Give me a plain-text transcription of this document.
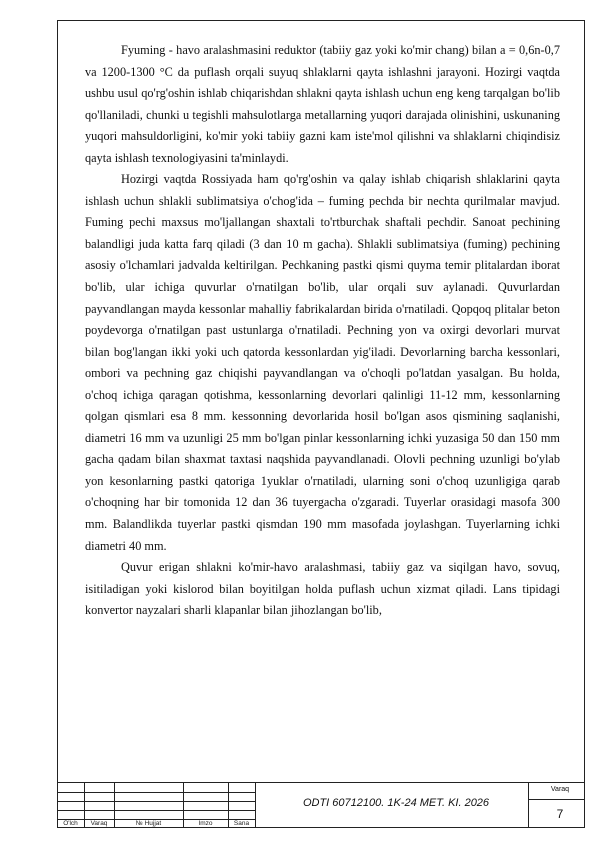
Fyuming - havo aralashmasini reduktor (tabiiy gaz yoki ko'mir chang) bilan a = 0,6n-0,7 va 1200-1300 °C da puflash orqali suyuq shlaklarni qayta ishlashni jarayoni. Hozirgi vaqtda ushbu usul qo'rg'oshin ishlab chiqarishdan shlakni qayta ishlash uchun eng keng tarqalgan bo'lib qo'llaniladi, chunki u tegishli mahsulotlarga metallarning yuqori darajada olinishini, uskunaning yuqori mahsuldorligini, ko'mir yoki tabiiy gazni kam iste'mol qilishni va shlaklarni chiqindisiz qayta ishlash texnologiyasini ta'minlaydi.

Hozirgi vaqtda Rossiyada ham qo'rg'oshin va qalay ishlab chiqarish shlaklarini qayta ishlash uchun shlakli sublimatsiya o'chog'ida – fuming pechda bir nechta qurilmalar mavjud. Fuming pechi maxsus mo'ljallangan shaxtali to'rtburchak shaftali pechdir. Sanoat pechining balandligi juda katta farq qiladi (3 dan 10 m gacha). Shlakli sublimatsiya (fuming) pechining asosiy o'lchamlari jadvalda keltirilgan. Pechkaning pastki qismi quyma temir plitalardan iborat bo'lib, ular ichiga quvurlar o'rnatilgan bo'lib, ular orqali suv aylanadi. Quvurlardan payvandlangan mayda kessonlar mahalliy fabrikalardan birida o'rnatiladi. Qopqoq plitalar beton poydevorga o'rnatilgan past ustunlarga o'rnatiladi. Pechning yon va oxirgi devorlari murvat bilan bog'langan ikki yoki uch qatorda kessonlardan yig'iladi. Devorlarning barcha kessonlari, ombori va pechning gaz chiqishi payvandlangan va o'choqli po'latdan yasalgan. Bu holda, o'choq ichiga qaragan qotishma, kessonlarning devorlari qalinligi 11-12 mm, kessonlarning qolgan qismlari esa 8 mm. kessonning devorlarida hosil bo'lgan asos qismining saqlanishi, diametri 16 mm va uzunligi 25 mm bo'lgan pinlar kessonlarning ichki yuzasiga 50 dan 150 mm gacha qadam bilan shaxmat taxtasi naqshida payvandlanadi. Olovli pechning uzunligi bo'ylab yon kesonlarning pastki qatoriga 1yuklar o'rnatiladi, ularning soni o'choq uzunligiga qarab o'choqning har bir tomonida 12 dan 36 tuyergacha o'zgaradi. Tuyerlar orasidagi masofa 300 mm. Balandlikda tuyerlar pastki qismdan 190 mm masofada joylashgan. Tuyerlarning ichki diametri 40 mm.

Quvur erigan shlakni ko'mir-havo aralashmasi, tabiiy gaz va siqilgan havo, sovuq, isitiladigan yoki kislorod bilan boyitilgan holda puflash uchun xizmat qiladi. Lans tipidagi konvertor nayzalari sharli klapanlar bilan jihozlangan bo'lib,

O'lch	Varaq	№ Hujjat	Imzo	Sana
ODTI 60712100. 1K-24 MET. KI. 2026
Varaq
7
